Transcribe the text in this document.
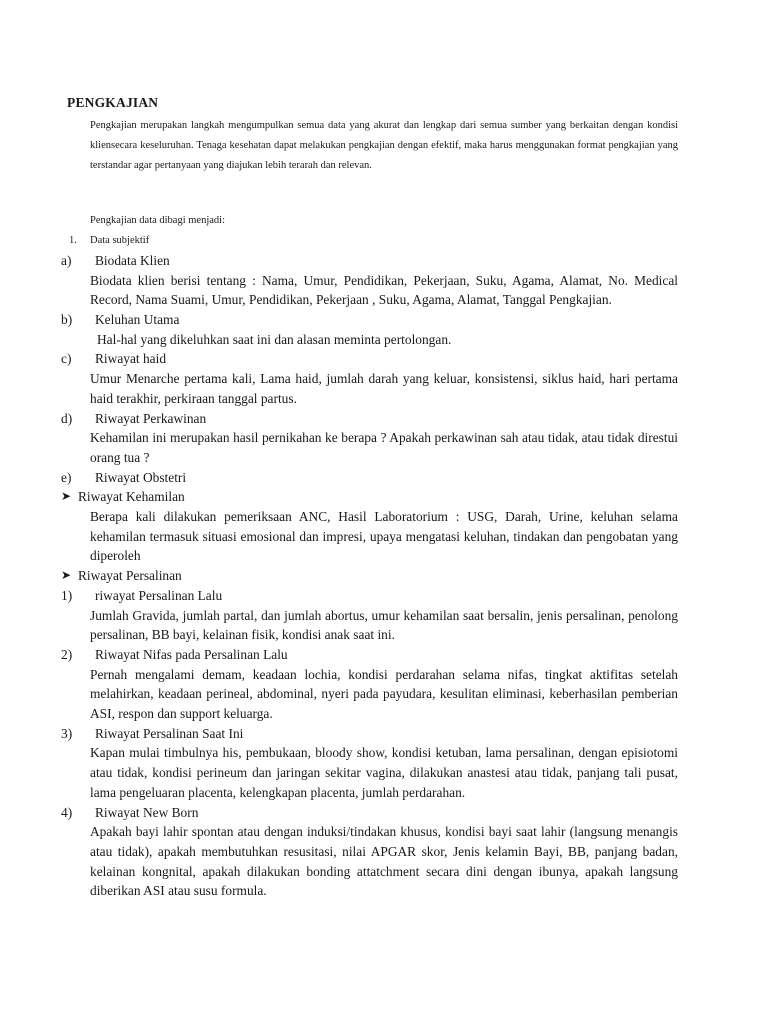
PENGKAJIAN
Pengkajian merupakan langkah mengumpulkan semua data yang akurat dan lengkap dari semua sumber yang berkaitan dengan kondisi kliensecara keseluruhan. Tenaga kesehatan dapat melakukan pengkajian dengan efektif, maka harus menggunakan format pengkajian yang terstandar agar pertanyaan yang diajukan lebih terarah dan relevan.
Pengkajian data dibagi menjadi:
1. Data subjektif
a)	Biodata Klien
Biodata klien berisi tentang : Nama, Umur, Pendidikan, Pekerjaan, Suku, Agama, Alamat, No. Medical Record, Nama Suami, Umur, Pendidikan, Pekerjaan , Suku, Agama, Alamat, Tanggal Pengkajian.
b)	Keluhan Utama
Hal-hal yang dikeluhkan saat ini dan alasan meminta pertolongan.
c)	Riwayat haid
Umur Menarche pertama kali, Lama haid, jumlah darah yang keluar, konsistensi, siklus haid, hari pertama haid terakhir, perkiraan tanggal partus.
d)	Riwayat Perkawinan
Kehamilan ini merupakan hasil pernikahan ke berapa ? Apakah perkawinan sah atau tidak, atau tidak direstui orang tua ?
e)	Riwayat Obstetri
➤ Riwayat Kehamilan
Berapa kali dilakukan pemeriksaan ANC, Hasil Laboratorium : USG, Darah, Urine, keluhan selama kehamilan termasuk situasi emosional dan impresi, upaya mengatasi keluhan, tindakan dan pengobatan yang diperoleh
➤ Riwayat Persalinan
1)	riwayat Persalinan Lalu
Jumlah Gravida, jumlah partal, dan jumlah abortus, umur kehamilan saat bersalin, jenis persalinan, penolong persalinan, BB bayi, kelainan fisik, kondisi anak saat ini.
2)	Riwayat Nifas pada Persalinan Lalu
Pernah mengalami demam, keadaan lochia, kondisi perdarahan selama nifas, tingkat aktifitas setelah melahirkan, keadaan perineal, abdominal, nyeri pada payudara, kesulitan eliminasi, keberhasilan pemberian ASI, respon dan support keluarga.
3)	Riwayat Persalinan Saat Ini
Kapan mulai timbulnya his, pembukaan, bloody show, kondisi ketuban, lama persalinan, dengan episiotomi atau tidak, kondisi perineum dan jaringan sekitar vagina, dilakukan anastesi atau tidak, panjang tali pusat, lama pengeluaran placenta, kelengkapan placenta, jumlah perdarahan.
4)	Riwayat New Born
Apakah bayi lahir spontan atau dengan induksi/tindakan khusus, kondisi bayi saat lahir (langsung menangis atau tidak), apakah membutuhkan resusitasi, nilai APGAR skor, Jenis kelamin Bayi, BB, panjang badan, kelainan kongnital, apakah dilakukan bonding attatchment secara dini dengan ibunya, apakah langsung diberikan ASI atau susu formula.
